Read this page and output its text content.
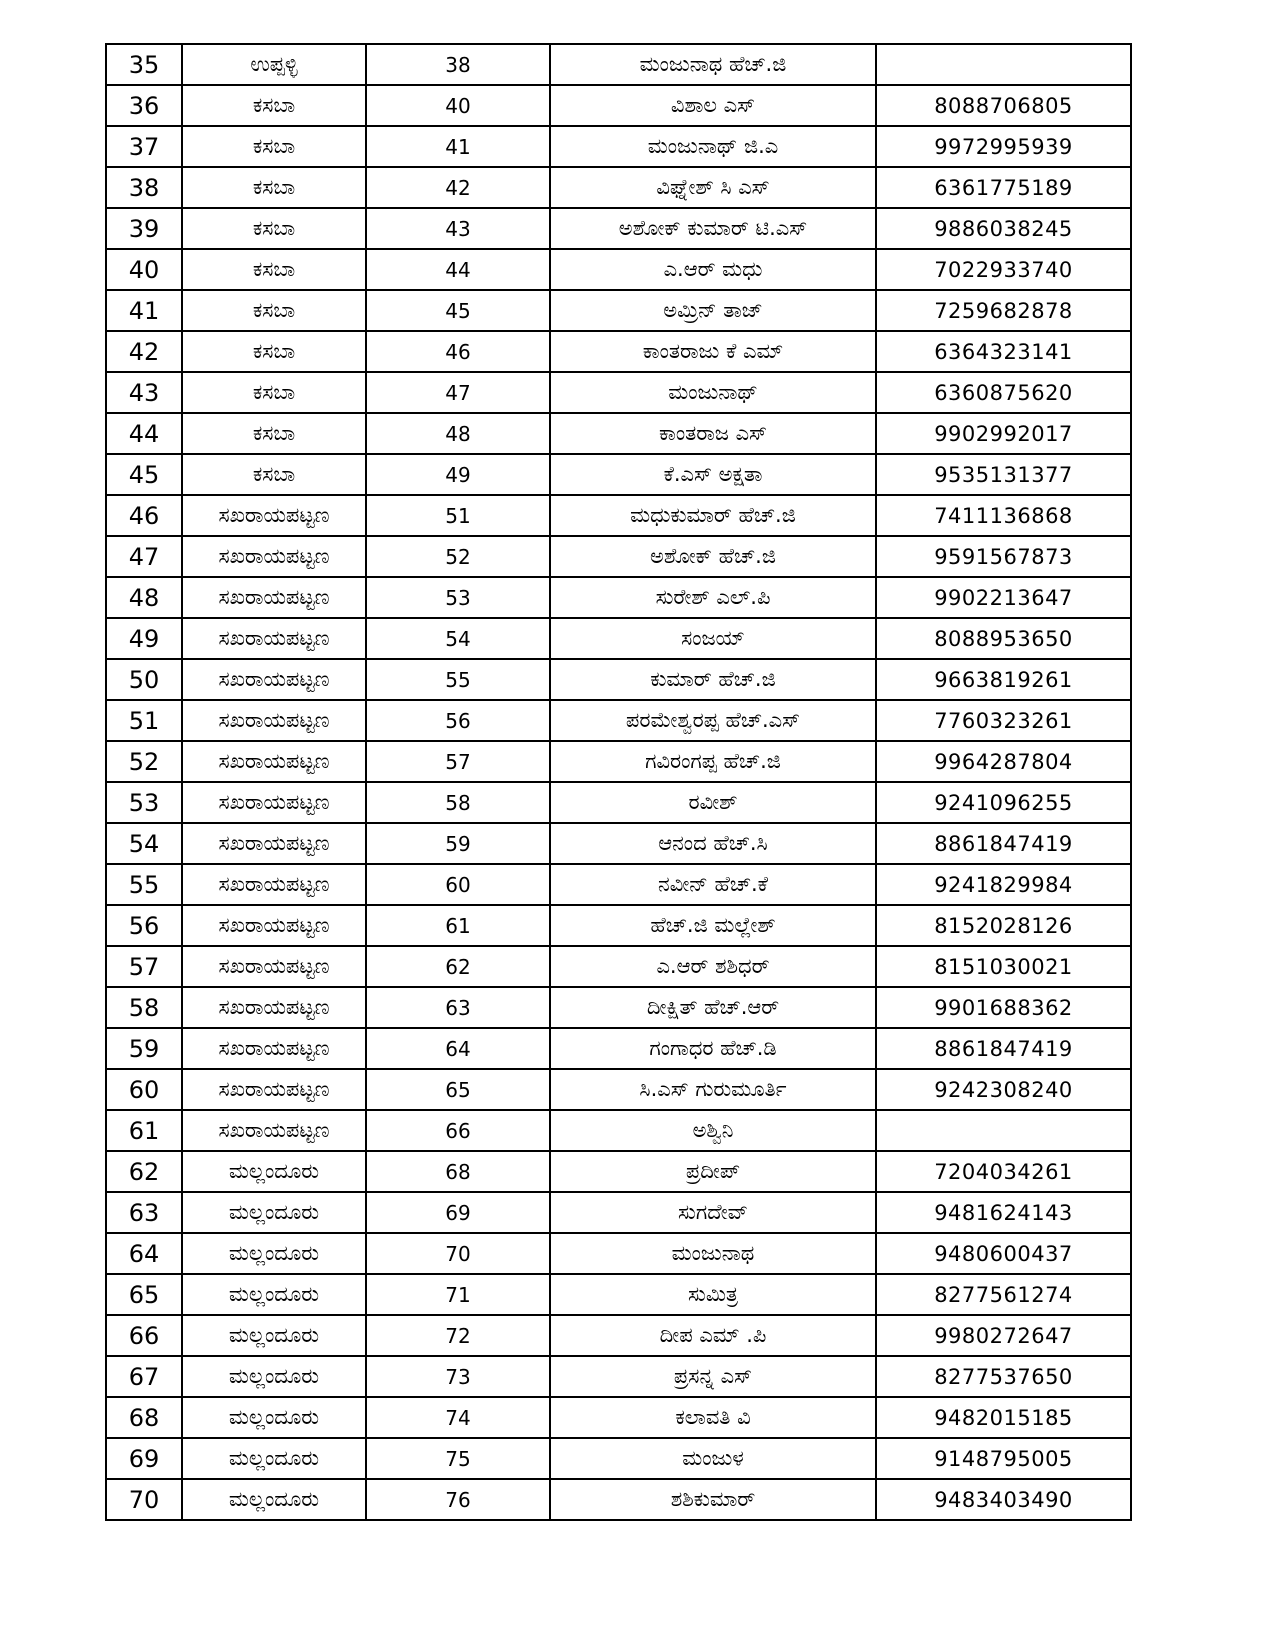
35	ಉಪ್ಪಳ್ಳಿ	38	ಮಂಜುನಾಥ ಹೆಚ್.ಜಿ	
36	ಕಸಬಾ	40	ವಿಶಾಲ ಎಸ್	8088706805
37	ಕಸಬಾ	41	ಮಂಜುನಾಥ್ ಜಿ.ಎ	9972995939
38	ಕಸಬಾ	42	ವಿಘ್ನೇಶ್ ಸಿ ಎಸ್	6361775189
39	ಕಸಬಾ	43	ಅಶೋಕ್ ಕುಮಾರ್ ಟಿ.ಎಸ್	9886038245
40	ಕಸಬಾ	44	ಎ.ಆರ್ ಮಧು	7022933740
41	ಕಸಬಾ	45	ಅಮ್ರಿನ್ ತಾಜ್	7259682878
42	ಕಸಬಾ	46	ಕಾಂತರಾಜು ಕೆ ಎಮ್	6364323141
43	ಕಸಬಾ	47	ಮಂಜುನಾಥ್	6360875620
44	ಕಸಬಾ	48	ಕಾಂತರಾಜ ಎಸ್	9902992017
45	ಕಸಬಾ	49	ಕೆ.ಎಸ್ ಅಕ್ಷತಾ	9535131377
46	ಸಖರಾಯಪಟ್ಟಣ	51	ಮಧುಕುಮಾರ್ ಹೆಚ್.ಜಿ	7411136868
47	ಸಖರಾಯಪಟ್ಟಣ	52	ಅಶೋಕ್ ಹೆಚ್.ಜಿ	9591567873
48	ಸಖರಾಯಪಟ್ಟಣ	53	ಸುರೇಶ್ ಎಲ್.ಪಿ	9902213647
49	ಸಖರಾಯಪಟ್ಟಣ	54	ಸಂಜಯ್	8088953650
50	ಸಖರಾಯಪಟ್ಟಣ	55	ಕುಮಾರ್ ಹೆಚ್.ಜಿ	9663819261
51	ಸಖರಾಯಪಟ್ಟಣ	56	ಪರಮೇಶ್ವರಪ್ಪ ಹೆಚ್.ಎಸ್	7760323261
52	ಸಖರಾಯಪಟ್ಟಣ	57	ಗವಿರಂಗಪ್ಪ ಹೆಚ್.ಜಿ	9964287804
53	ಸಖರಾಯಪಟ್ಟಣ	58	ರವೀಶ್	9241096255
54	ಸಖರಾಯಪಟ್ಟಣ	59	ಆನಂದ ಹೆಚ್.ಸಿ	8861847419
55	ಸಖರಾಯಪಟ್ಟಣ	60	ನವೀನ್ ಹೆಚ್.ಕೆ	9241829984
56	ಸಖರಾಯಪಟ್ಟಣ	61	ಹೆಚ್.ಜಿ ಮಲ್ಲೇಶ್	8152028126
57	ಸಖರಾಯಪಟ್ಟಣ	62	ಎ.ಆರ್ ಶಶಿಧರ್	8151030021
58	ಸಖರಾಯಪಟ್ಟಣ	63	ದೀಕ್ಷಿತ್ ಹೆಚ್.ಆರ್	9901688362
59	ಸಖರಾಯಪಟ್ಟಣ	64	ಗಂಗಾಧರ ಹೆಚ್.ಡಿ	8861847419
60	ಸಖರಾಯಪಟ್ಟಣ	65	ಸಿ.ಎಸ್ ಗುರುಮೂರ್ತಿ	9242308240
61	ಸಖರಾಯಪಟ್ಟಣ	66	ಅಶ್ವಿನಿ	
62	ಮಲ್ಲಂದೂರು	68	ಪ್ರದೀಪ್	7204034261
63	ಮಲ್ಲಂದೂರು	69	ಸುಗದೇವ್	9481624143
64	ಮಲ್ಲಂದೂರು	70	ಮಂಜುನಾಥ	9480600437
65	ಮಲ್ಲಂದೂರು	71	ಸುಮಿತ್ರ	8277561274
66	ಮಲ್ಲಂದೂರು	72	ದೀಪ ಎಮ್ .ಪಿ	9980272647
67	ಮಲ್ಲಂದೂರು	73	ಪ್ರಸನ್ನ ಎಸ್	8277537650
68	ಮಲ್ಲಂದೂರು	74	ಕಲಾವತಿ ವಿ	9482015185
69	ಮಲ್ಲಂದೂರು	75	ಮಂಜುಳ	9148795005
70	ಮಲ್ಲಂದೂರು	76	ಶಶಿಕುಮಾರ್	9483403490
